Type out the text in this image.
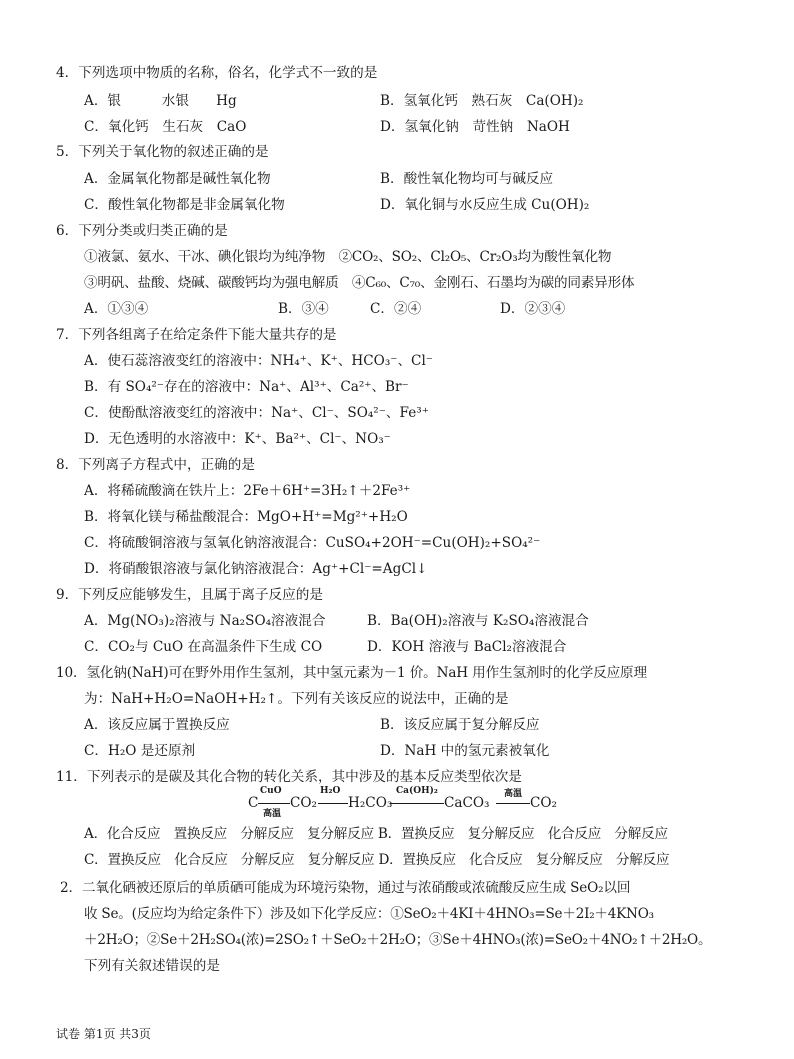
4．下列选项中物质的名称，俗名，化学式不一致的是
A．银　　　水银　　Hg	B．氢氧化钙　熟石灰　Ca(OH)₂
C．氧化钙　生石灰　CaO	D．氢氧化钠　苛性钠　NaOH
5．下列关于氧化物的叙述正确的是
A．金属氧化物都是碱性氧化物	B．酸性氧化物均可与碱反应
C．酸性氧化物都是非金属氧化物	D．氧化铜与水反应生成 Cu(OH)₂
6．下列分类或归类正确的是
①液氯、氨水、干冰、碘化银均为纯净物　②CO₂、SO₂、Cl₂O₅、Cr₂O₃均为酸性氧化物
③明矾、盐酸、烧碱、碳酸钙均为强电解质　④C₆₀、C₇₀、金刚石、石墨均为碳的同素异形体
A．①③④	B．③④	C．②④	D．②③④
7．下列各组离子在给定条件下能大量共存的是
A．使石蕊溶液变红的溶液中：NH₄⁺、K⁺、HCO₃⁻、Cl⁻
B．有 SO₄²⁻存在的溶液中：Na⁺、Al³⁺、Ca²⁺、Br⁻
C．使酚酞溶液变红的溶液中：Na⁺、Cl⁻、SO₄²⁻、Fe³⁺
D．无色透明的水溶液中：K⁺、Ba²⁺、Cl⁻、NO₃⁻
8．下列离子方程式中，正确的是
A．将稀硫酸滴在铁片上：2Fe＋6H⁺=3H₂↑＋2Fe³⁺
B．将氧化镁与稀盐酸混合：MgO+H⁺=Mg²⁺+H₂O
C．将硫酸铜溶液与氢氧化钠溶液混合：CuSO₄+2OH⁻=Cu(OH)₂+SO₄²⁻
D．将硝酸银溶液与氯化钠溶液混合：Ag⁺+Cl⁻=AgCl↓
9．下列反应能够发生，且属于离子反应的是
A．Mg(NO₃)₂溶液与 Na₂SO₄溶液混合	B．Ba(OH)₂溶液与 K₂SO₄溶液混合
C．CO₂与 CuO 在高温条件下生成 CO	D．KOH 溶液与 BaCl₂溶液混合
10．氢化钠(NaH)可在野外用作生氢剂，其中氢元素为－1 价。NaH 用作生氢剂时的化学反应原理
为：NaH+H₂O=NaOH+H₂↑。下列有关该反应的说法中，正确的是
A．该反应属于置换反应	B．该反应属于复分解反应
C．H₂O 是还原剂	D．NaH 中的氢元素被氧化
11．下列表示的是碳及其化合物的转化关系，其中涉及的基本反应类型依次是
C
CuO
高温
CO₂
H₂O
H₂CO₃
Ca(OH)₂
CaCO₃
高温
CO₂
A．化合反应　置换反应　分解反应　复分解反应 B．置换反应　复分解反应　化合反应　分解反应
C．置换反应　化合反应　分解反应　复分解反应 D．置换反应　化合反应　复分解反应　分解反应
2．二氧化硒被还原后的单质硒可能成为环境污染物，通过与浓硝酸或浓硫酸反应生成 SeO₂以回
收 Se。(反应均为给定条件下）涉及如下化学反应：①SeO₂＋4KI＋4HNO₃=Se＋2I₂＋4KNO₃
＋2H₂O；②Se＋2H₂SO₄(浓)=2SO₂↑＋SeO₂＋2H₂O；③Se＋4HNO₃(浓)=SeO₂＋4NO₂↑＋2H₂O。
下列有关叙述错误的是
试卷 第1页 共3页
